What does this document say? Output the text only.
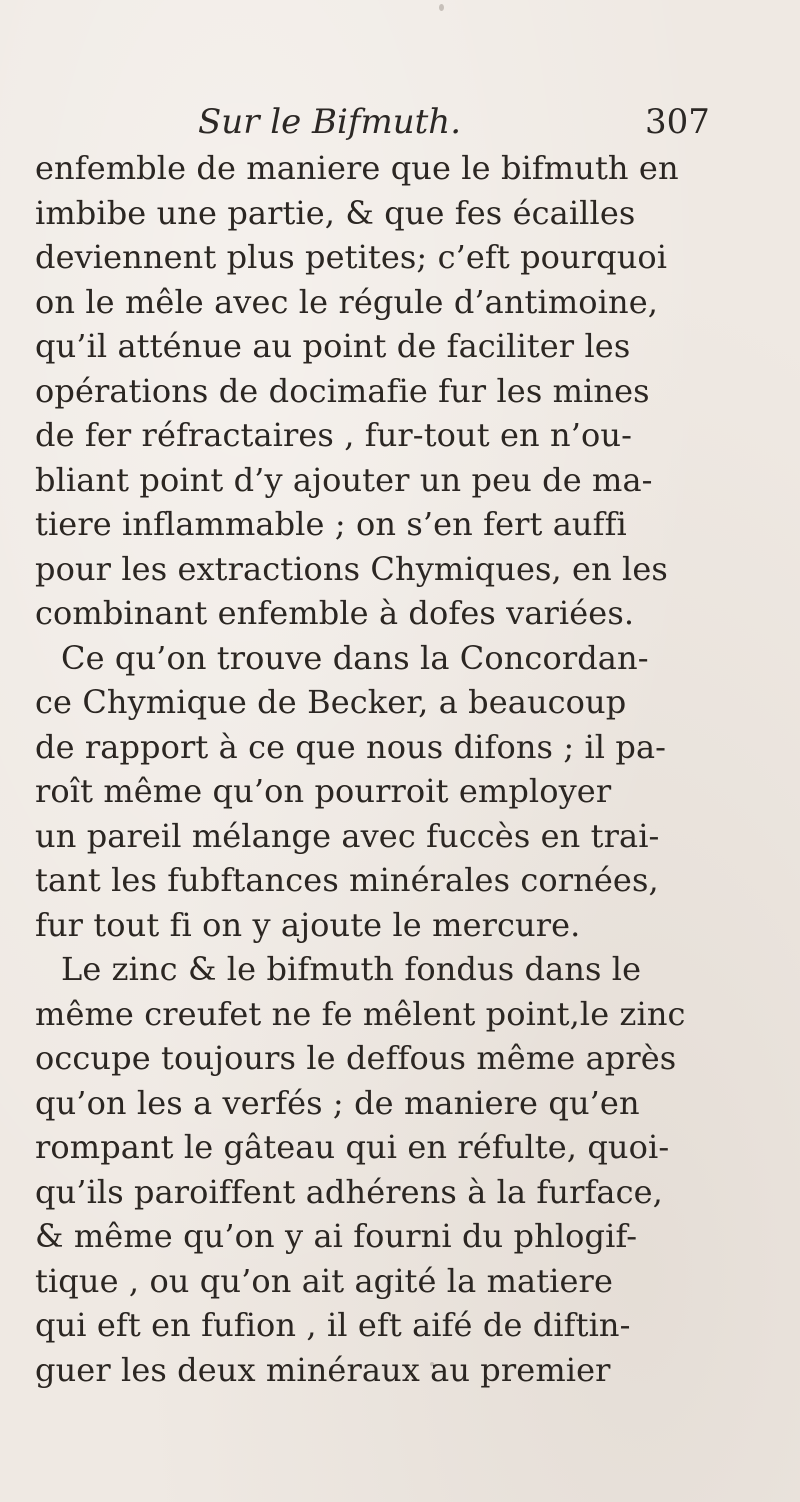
Sur le Bifmuth.	307
enfemble de maniere que le bifmuth en
imbibe une partie, & que fes écailles
deviennent plus petites; c’eft pourquoi
on le mêle avec le régule d’antimoine,
qu’il atténue au point de faciliter les
opérations de docimafie fur les mines
de fer réfractaires , fur-tout en n’ou-
bliant point d’y ajouter un peu de ma-
tiere inflammable ; on s’en fert auffi
pour les extractions Chymiques, en les
combinant enfemble à dofes variées.
Ce qu’on trouve dans la Concordan-
ce Chymique de Becker, a beaucoup
de rapport à ce que nous difons ; il pa-
roît même qu’on pourroit employer
un pareil mélange avec fuccès en trai-
tant les fubftances minérales cornées,
fur tout fi on y ajoute le mercure.
Le zinc & le bifmuth fondus dans le
même creufet ne fe mêlent point,le zinc
occupe toujours le deffous même après
qu’on les a verfés ; de maniere qu’en
rompant le gâteau qui en réfulte, quoi-
qu’ils paroiffent adhérens à la furface,
& même qu’on y ai fourni du phlogif-
tique , ou qu’on ait agité la matiere
qui eft en fufion , il eft aifé de diftin-
guer les deux minéraux au premier
